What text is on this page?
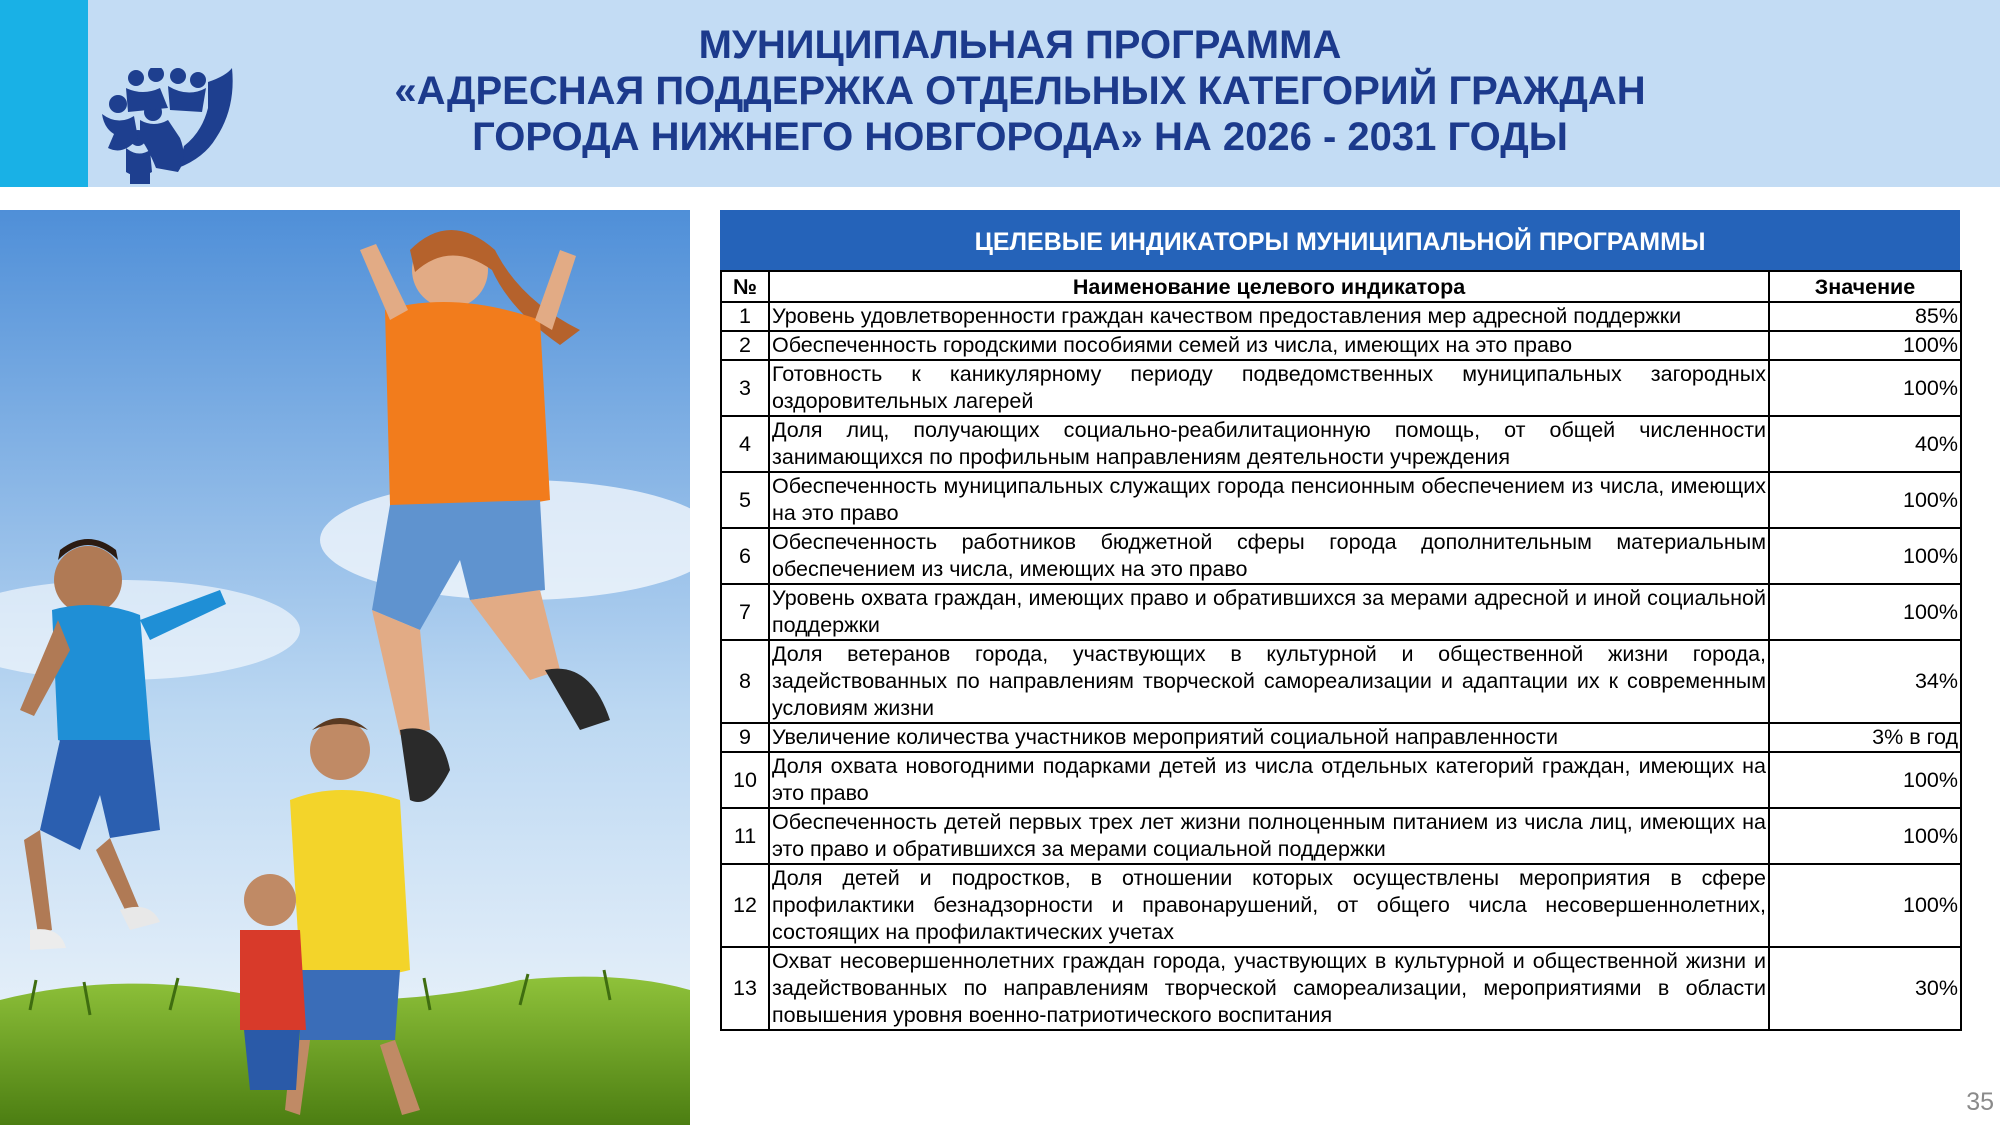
МУНИЦИПАЛЬНАЯ ПРОГРАММА
«АДРЕСНАЯ ПОДДЕРЖКА ОТДЕЛЬНЫХ КАТЕГОРИЙ ГРАЖДАН
ГОРОДА НИЖНЕГО НОВГОРОДА» НА 2026 - 2031 ГОДЫ
ЦЕЛЕВЫЕ ИНДИКАТОРЫ МУНИЦИПАЛЬНОЙ ПРОГРАММЫ
№	Наименование целевого индикатора	Значение
1	Уровень удовлетворенности граждан качеством предоставления мер адресной поддержки	85%
2	Обеспеченность городскими пособиями семей из числа, имеющих на это право	100%
3	Готовность к каникулярному периоду подведомственных муниципальных загородных оздоровительных лагерей	100%
4	Доля лиц, получающих социально-реабилитационную помощь, от общей численности занимающихся по профильным направлениям деятельности учреждения	40%
5	Обеспеченность муниципальных служащих города пенсионным обеспечением из числа, имеющих на это право	100%
6	Обеспеченность работников бюджетной сферы города дополнительным материальным обеспечением из числа, имеющих на это право	100%
7	Уровень охвата граждан, имеющих право и обратившихся за мерами адресной и иной социальной поддержки	100%
8	Доля ветеранов города, участвующих в культурной и общественной жизни города, задействованных по направлениям творческой самореализации и адаптации их к современным условиям жизни	34%
9	Увеличение количества участников мероприятий социальной направленности	3% в год
10	Доля охвата новогодними подарками детей из числа отдельных категорий граждан, имеющих на это право	100%
11	Обеспеченность детей первых трех лет жизни полноценным питанием из числа лиц, имеющих на это право и обратившихся за мерами социальной поддержки	100%
12	Доля детей и подростков, в отношении которых осуществлены мероприятия в сфере профилактики безнадзорности и правонарушений, от общего числа несовершеннолетних, состоящих на профилактических учетах	100%
13	Охват несовершеннолетних граждан города, участвующих в культурной и общественной жизни и задействованных по направлениям творческой самореализации, мероприятиями в области повышения уровня военно-патриотического воспитания	30%
35
